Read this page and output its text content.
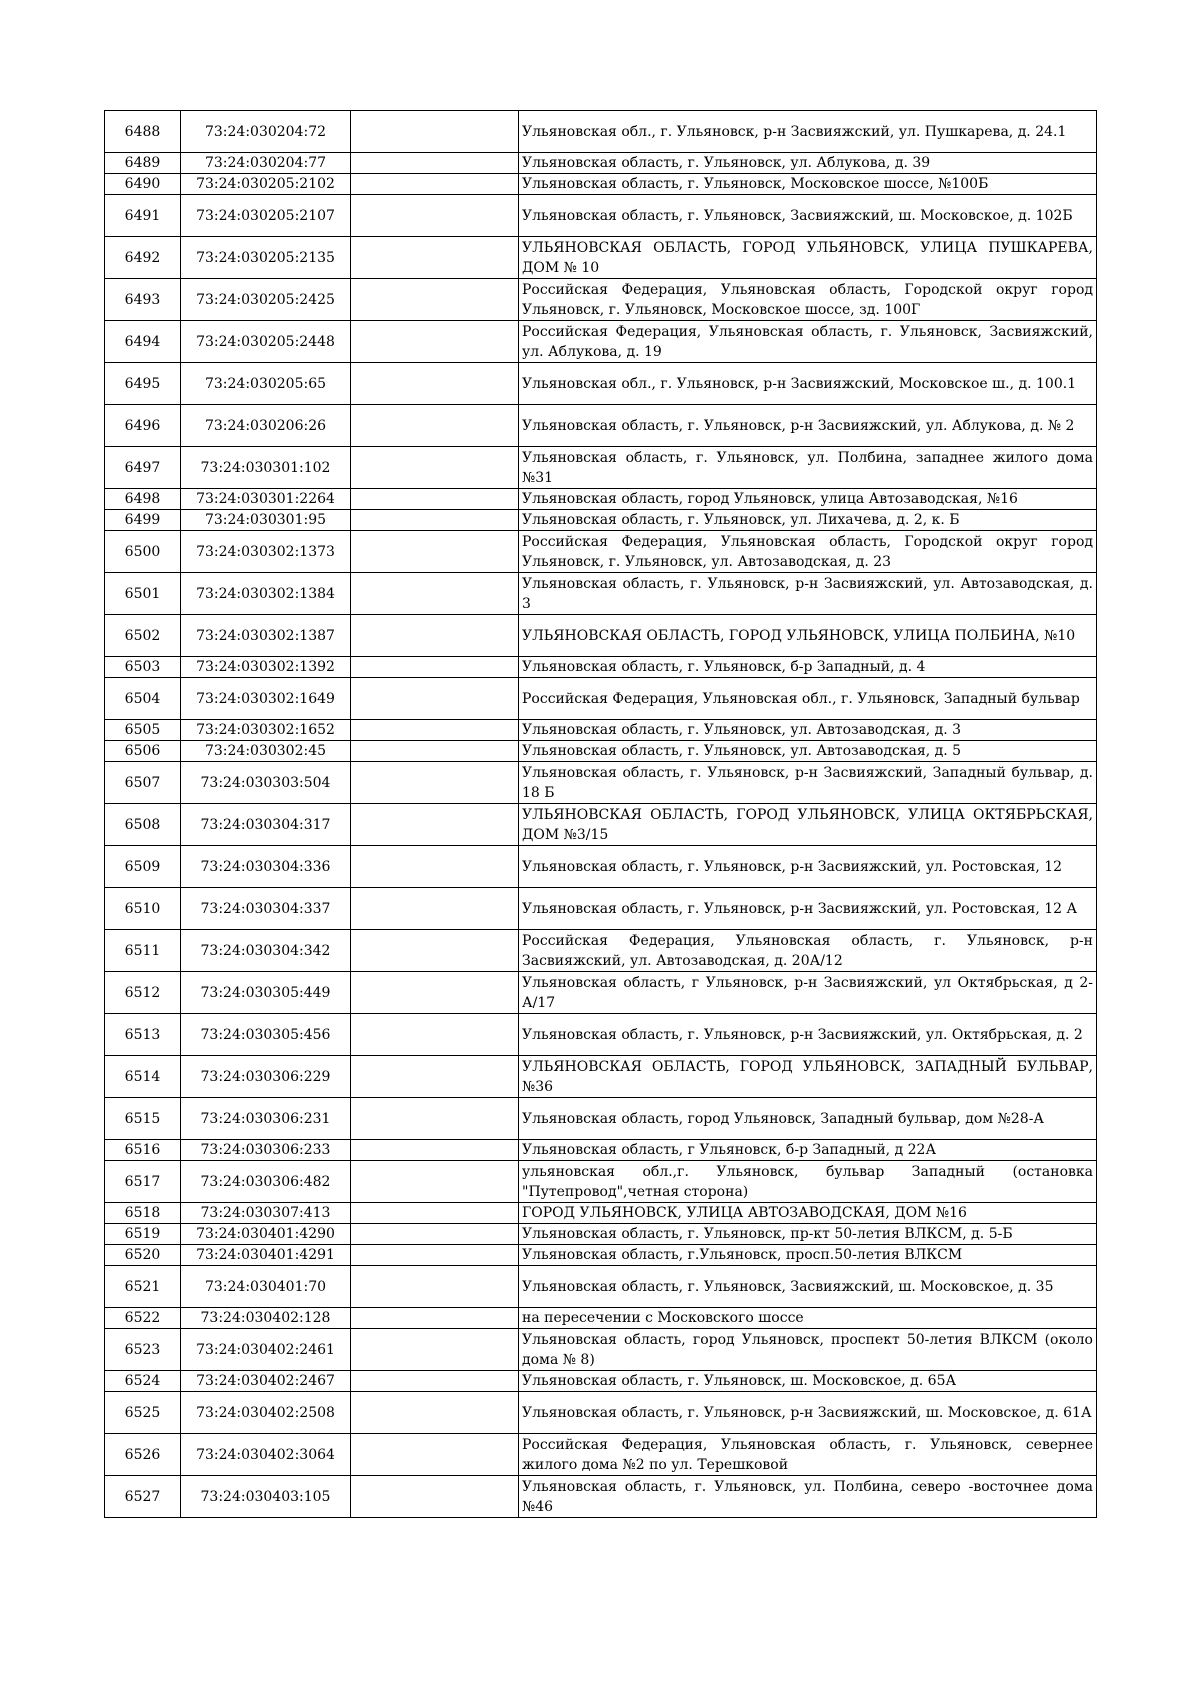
6488	73:24:030204:72		Ульяновская обл., г. Ульяновск, р-н Засвияжский, ул. Пушкарева, д. 24.1
6489	73:24:030204:77		Ульяновская область, г. Ульяновск, ул. Аблукова, д. 39
6490	73:24:030205:2102		Ульяновская область, г. Ульяновск, Московское шоссе, №100Б
6491	73:24:030205:2107		Ульяновская область, г. Ульяновск, Засвияжский, ш. Московское, д. 102Б
6492	73:24:030205:2135		УЛЬЯНОВСКАЯ ОБЛАСТЬ, ГОРОД УЛЬЯНОВСК, УЛИЦА ПУШКАРЕВА, ДОМ № 10
6493	73:24:030205:2425		Российская Федерация, Ульяновская область, Городской округ город Ульяновск, г. Ульяновск, Московское шоссе, зд. 100Г
6494	73:24:030205:2448		Российская Федерация, Ульяновская область, г. Ульяновск, Засвияжский, ул. Аблукова, д. 19
6495	73:24:030205:65		Ульяновская обл., г. Ульяновск, р-н Засвияжский, Московское ш., д. 100.1
6496	73:24:030206:26		Ульяновская область, г. Ульяновск, р-н Засвияжский, ул. Аблукова, д. № 2
6497	73:24:030301:102		Ульяновская область, г. Ульяновск, ул. Полбина, западнее жилого дома №31
6498	73:24:030301:2264		Ульяновская область, город Ульяновск, улица Автозаводская, №16
6499	73:24:030301:95		Ульяновская область, г. Ульяновск, ул. Лихачева, д. 2, к. Б
6500	73:24:030302:1373		Российская Федерация, Ульяновская область, Городской округ город Ульяновск, г. Ульяновск, ул. Автозаводская, д. 23
6501	73:24:030302:1384		Ульяновская область, г. Ульяновск, р-н Засвияжский, ул. Автозаводская, д. 3
6502	73:24:030302:1387		УЛЬЯНОВСКАЯ ОБЛАСТЬ, ГОРОД УЛЬЯНОВСК, УЛИЦА ПОЛБИНА, №10
6503	73:24:030302:1392		Ульяновская область, г. Ульяновск, б-р Западный, д. 4
6504	73:24:030302:1649		Российская Федерация, Ульяновская обл., г. Ульяновск, Западный бульвар
6505	73:24:030302:1652		Ульяновская область, г. Ульяновск, ул. Автозаводская, д. 3
6506	73:24:030302:45		Ульяновская область, г. Ульяновск, ул. Автозаводская, д. 5
6507	73:24:030303:504		Ульяновская область, г. Ульяновск, р-н Засвияжский, Западный бульвар, д. 18 Б
6508	73:24:030304:317		УЛЬЯНОВСКАЯ ОБЛАСТЬ, ГОРОД УЛЬЯНОВСК, УЛИЦА ОКТЯБРЬСКАЯ, ДОМ №3/15
6509	73:24:030304:336		Ульяновская область, г. Ульяновск, р-н Засвияжский, ул. Ростовская, 12
6510	73:24:030304:337		Ульяновская область, г. Ульяновск, р-н Засвияжский, ул. Ростовская, 12 А
6511	73:24:030304:342		Российская Федерация, Ульяновская область, г. Ульяновск, р-н Засвияжский, ул. Автозаводская, д. 20А/12
6512	73:24:030305:449		Ульяновская область, г Ульяновск, р-н Засвияжский, ул Октябрьская, д 2-А/17
6513	73:24:030305:456		Ульяновская область, г. Ульяновск, р-н Засвияжский, ул. Октябрьская, д. 2
6514	73:24:030306:229		УЛЬЯНОВСКАЯ ОБЛАСТЬ, ГОРОД УЛЬЯНОВСК, ЗАПАДНЫЙ БУЛЬВАР, №36
6515	73:24:030306:231		Ульяновская область, город Ульяновск, Западный бульвар, дом №28-А
6516	73:24:030306:233		Ульяновская область, г Ульяновск, б-р Западный, д 22А
6517	73:24:030306:482		ульяновская обл.,г. Ульяновск, бульвар Западный (остановка "Путепровод",четная сторона)
6518	73:24:030307:413		ГОРОД УЛЬЯНОВСК, УЛИЦА АВТОЗАВОДСКАЯ, ДОМ №16
6519	73:24:030401:4290		Ульяновская область, г. Ульяновск, пр-кт 50-летия ВЛКСМ, д. 5-Б
6520	73:24:030401:4291		Ульяновская область, г.Ульяновск, просп.50-летия ВЛКСМ
6521	73:24:030401:70		Ульяновская область, г. Ульяновск, Засвияжский, ш. Московское, д. 35
6522	73:24:030402:128		на пересечении с Московского шоссе
6523	73:24:030402:2461		Ульяновская область, город Ульяновск, проспект 50-летия ВЛКСМ (около дома № 8)
6524	73:24:030402:2467		Ульяновская область, г. Ульяновск, ш. Московское, д. 65А
6525	73:24:030402:2508		Ульяновская область, г. Ульяновск, р-н Засвияжский, ш. Московское, д. 61А
6526	73:24:030402:3064		Российская Федерация, Ульяновская область, г. Ульяновск, севернее жилого дома №2 по ул. Терешковой
6527	73:24:030403:105		Ульяновская область, г. Ульяновск, ул. Полбина, северо -восточнее дома №46
